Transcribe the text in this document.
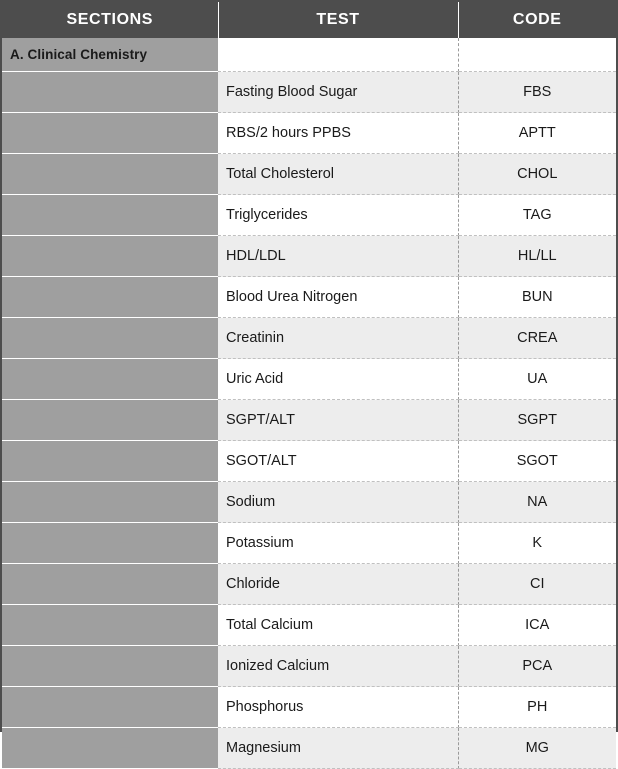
SECTIONS	TEST	CODE
A. Clinical Chemistry		
	Fasting Blood Sugar	FBS
	RBS/2 hours PPBS	APTT
	Total Cholesterol	CHOL
	Triglycerides	TAG
	HDL/LDL	HL/LL
	Blood Urea Nitrogen	BUN
	Creatinin	CREA
	Uric Acid	UA
	SGPT/ALT	SGPT
	SGOT/ALT	SGOT
	Sodium	NA
	Potassium	K
	Chloride	CI
	Total Calcium	ICA
	Ionized Calcium	PCA
	Phosphorus	PH
	Magnesium	MG
